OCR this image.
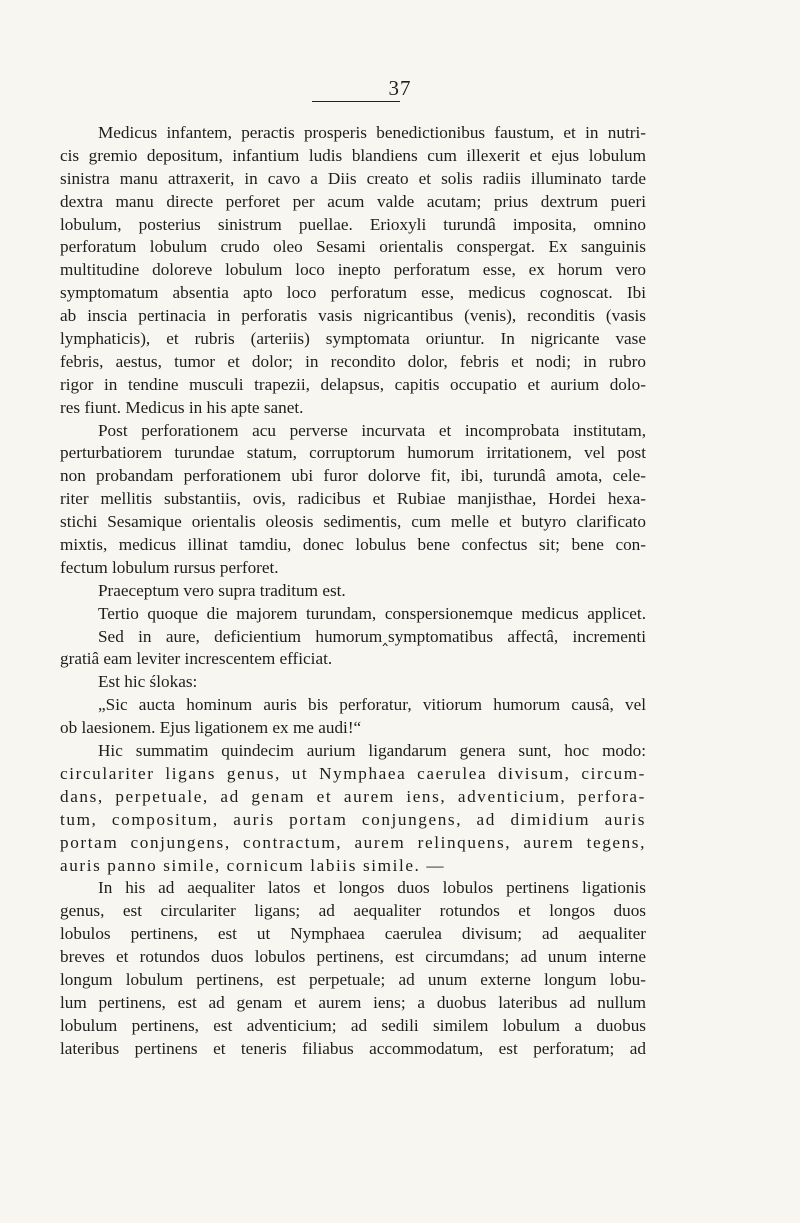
37
Medicus infantem, peractis prosperis benedictionibus faustum, et in nutri-
cis gremio depositum, infantium ludis blandiens cum illexerit et ejus lobulum
sinistra manu attraxerit, in cavo a Diis creato et solis radiis illuminato tarde
dextra manu directe perforet per acum valde acutam; prius dextrum pueri
lobulum, posterius sinistrum puellae. Erioxyli turundâ imposita, omnino
perforatum lobulum crudo oleo Sesami orientalis conspergat. Ex sanguinis
multitudine doloreve lobulum loco inepto perforatum esse, ex horum vero
symptomatum absentia apto loco perforatum esse, medicus cognoscat. Ibi
ab inscia pertinacia in perforatis vasis nigricantibus (venis), reconditis (vasis
lymphaticis), et rubris (arteriis) symptomata oriuntur. In nigricante vase
febris, aestus, tumor et dolor; in recondito dolor, febris et nodi; in rubro
rigor in tendine musculi trapezii, delapsus, capitis occupatio et aurium dolo-
res fiunt. Medicus in his apte sanet.
Post perforationem acu perverse incurvata et incomprobata institutam,
perturbatiorem turundae statum, corruptorum humorum irritationem, vel post
non probandam perforationem ubi furor dolorve fit, ibi, turundâ amota, cele-
riter mellitis substantiis, ovis, radicibus et Rubiae manjisthae, Hordei hexa-
stichi Sesamique orientalis oleosis sedimentis, cum melle et butyro clarificato
mixtis, medicus illinat tamdiu, donec lobulus bene confectus sit; bene con-
fectum lobulum rursus perforet.
Praeceptum vero supra traditum est.
Tertio quoque die majorem turundam, conspersionemque medicus applicet.
Sed in aure, deficientium humorum‸symptomatibus affectâ, incrementi
gratiâ eam leviter increscentem efficiat.
Est hic ślokas:
„Sic aucta hominum auris bis perforatur, vitiorum humorum causâ, vel
ob laesionem. Ejus ligationem ex me audi!“
Hic summatim quindecim aurium ligandarum genera sunt, hoc modo:
circulariter ligans genus, ut Nymphaea caerulea divisum, circum-
dans, perpetuale, ad genam et aurem iens, adventicium, perfora-
tum, compositum, auris portam conjungens, ad dimidium auris
portam conjungens, contractum, aurem relinquens, aurem tegens,
auris panno simile, cornicum labiis simile. —
In his ad aequaliter latos et longos duos lobulos pertinens ligationis
genus, est circulariter ligans; ad aequaliter rotundos et longos duos
lobulos pertinens, est ut Nymphaea caerulea divisum; ad aequaliter
breves et rotundos duos lobulos pertinens, est circumdans; ad unum interne
longum lobulum pertinens, est perpetuale; ad unum externe longum lobu-
lum pertinens, est ad genam et aurem iens; a duobus lateribus ad nullum
lobulum pertinens, est adventicium; ad sedili similem lobulum a duobus
lateribus pertinens et teneris filiabus accommodatum, est perforatum; ad
